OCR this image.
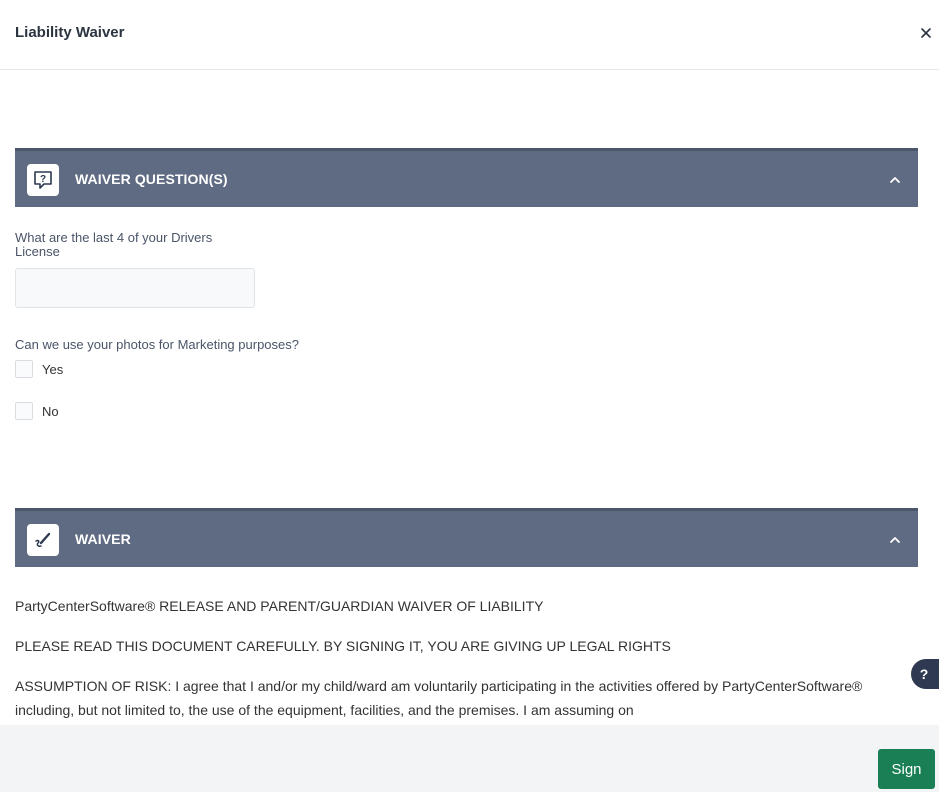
Liability Waiver
? WAIVER QUESTION(S)
What are the last 4 of your Drivers License
Can we use your photos for Marketing purposes?
Yes
No
WAIVER

PartyCenterSoftware® RELEASE AND PARENT/GUARDIAN WAIVER OF LIABILITY

PLEASE READ THIS DOCUMENT CAREFULLY. BY SIGNING IT, YOU ARE GIVING UP LEGAL RIGHTS

ASSUMPTION OF RISK: I agree that I and/or my child/ward am voluntarily participating in the activities offered by PartyCenterSoftware® including, but not limited to, the use of the equipment, facilities, and the premises. I am assuming on

Sign
?
